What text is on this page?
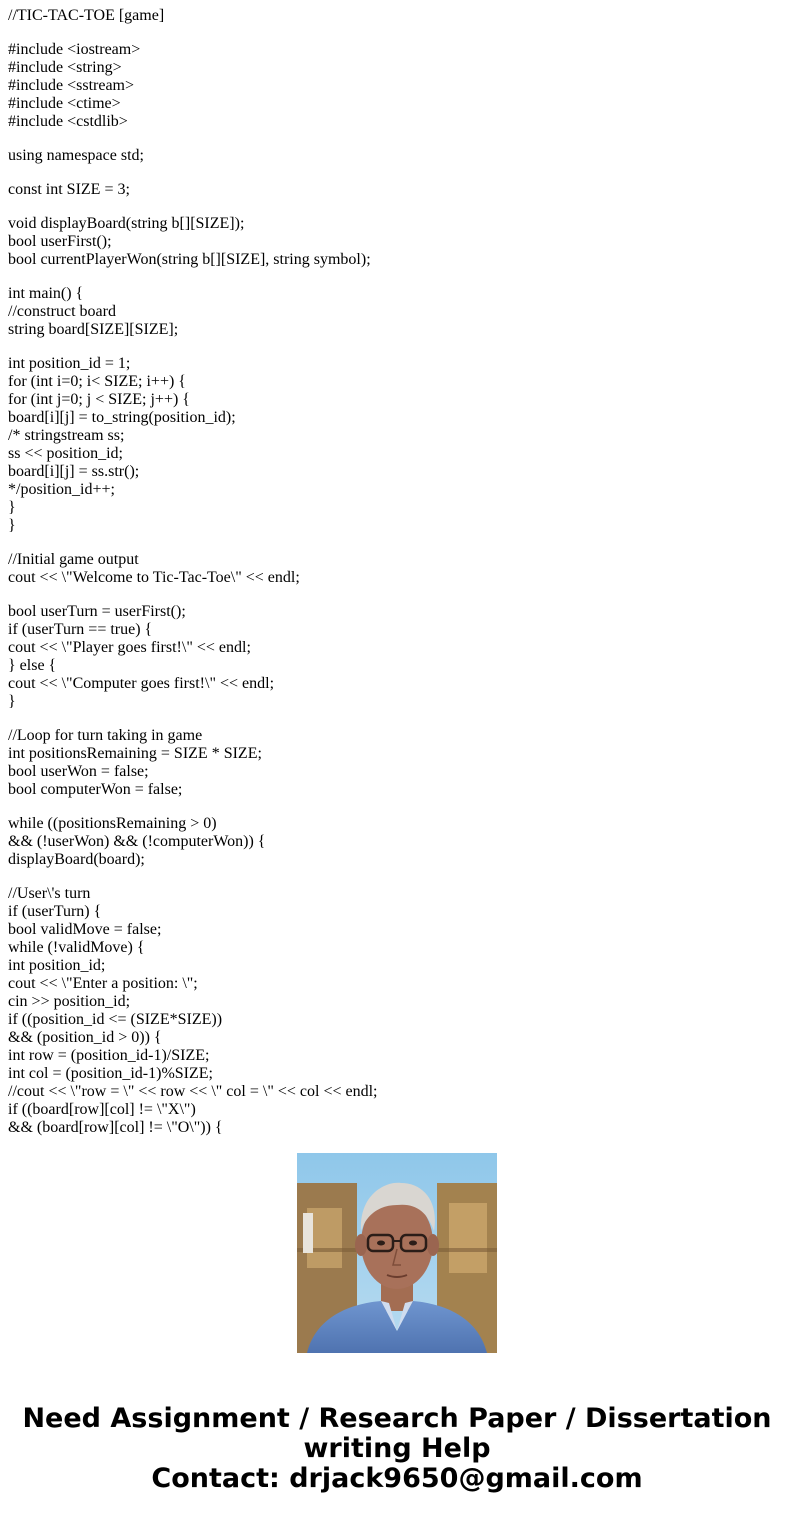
//TIC-TAC-TOE [game]
#include <iostream>
#include <string>
#include <sstream>
#include <ctime>
#include <cstdlib>
using namespace std;
const int SIZE = 3;
void displayBoard(string b[][SIZE]);
bool userFirst();
bool currentPlayerWon(string b[][SIZE], string symbol);
int main() {
//construct board
string board[SIZE][SIZE];
int position_id = 1;
for (int i=0; i< SIZE; i++) {
for (int j=0; j < SIZE; j++) {
board[i][j] = to_string(position_id);
/* stringstream ss;
ss << position_id;
board[i][j] = ss.str();
*/position_id++;
}
}
//Initial game output
cout << \"Welcome to Tic-Tac-Toe\" << endl;
bool userTurn = userFirst();
if (userTurn == true) {
cout << \"Player goes first!\" << endl;
} else {
cout << \"Computer goes first!\" << endl;
}
//Loop for turn taking in game
int positionsRemaining = SIZE * SIZE;
bool userWon = false;
bool computerWon = false;
while ((positionsRemaining > 0)
&& (!userWon) && (!computerWon)) {
displayBoard(board);
//User\'s turn
if (userTurn) {
bool validMove = false;
while (!validMove) {
int position_id;
cout << \"Enter a position: \";
cin >> position_id;
if ((position_id <= (SIZE*SIZE))
&& (position_id > 0)) {
int row = (position_id-1)/SIZE;
int col = (position_id-1)%SIZE;
//cout << \"row = \" << row << \" col = \" << col << endl;
if ((board[row][col] != \"X\")
&& (board[row][col] != \"O\")) {
Need Assignment / Research Paper / Dissertation
writing Help
Contact: drjack9650@gmail.com
